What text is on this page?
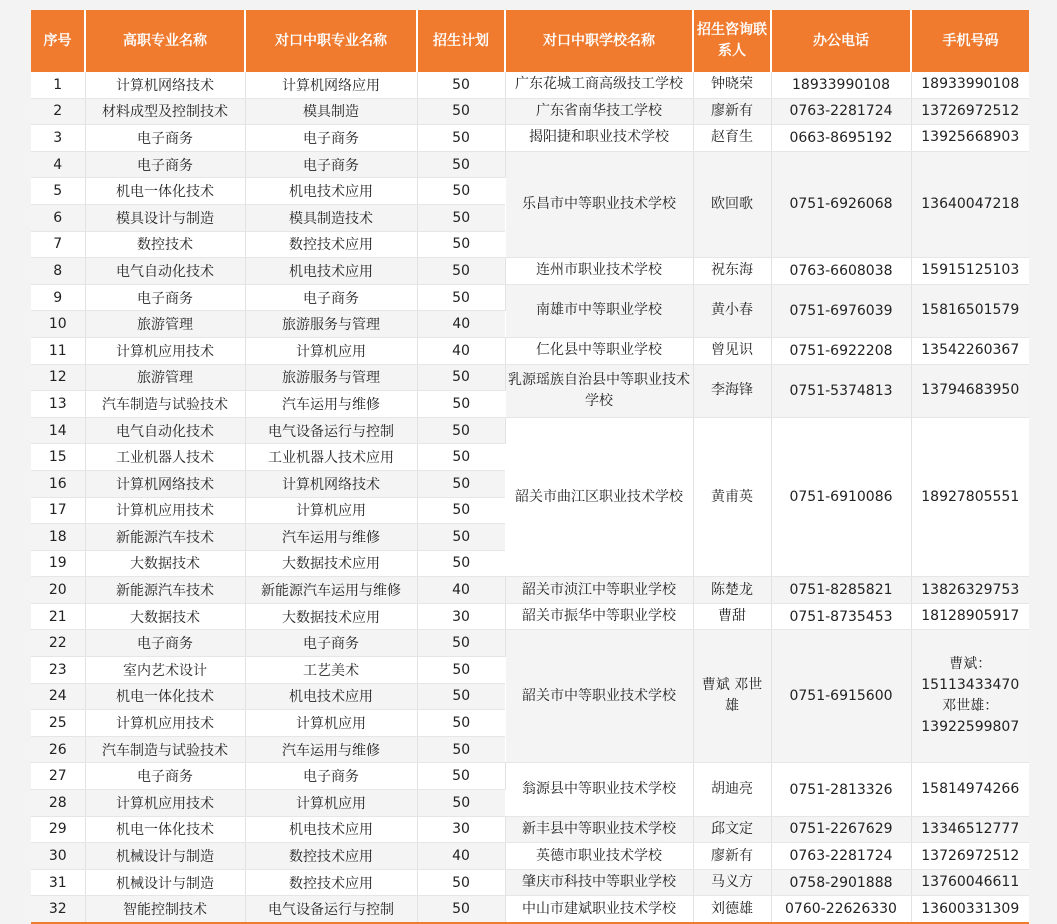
序号	高职专业名称	对口中职专业名称	招生计划	对口中职学校名称	招生咨询联系人	办公电话	手机号码
1	计算机网络技术	计算机网络应用	50	广东花城工商高级技工学校	钟晓荣	18933990108	18933990108
2	材料成型及控制技术	模具制造	50	广东省南华技工学校	廖新有	0763-2281724	13726972512
3	电子商务	电子商务	50	揭阳捷和职业技术学校	赵育生	0663-8695192	13925668903
4	电子商务	电子商务	50	乐昌市中等职业技术学校	欧回歌	0751-6926068	13640047218
5	机电一体化技术	机电技术应用	50				
6	模具设计与制造	模具制造技术	50				
7	数控技术	数控技术应用	50				
8	电气自动化技术	机电技术应用	50	连州市职业技术学校	祝东海	0763-6608038	15915125103
9	电子商务	电子商务	50	南雄市中等职业学校	黄小春	0751-6976039	15816501579
10	旅游管理	旅游服务与管理	40				
11	计算机应用技术	计算机应用	40	仁化县中等职业学校	曾见识	0751-6922208	13542260367
12	旅游管理	旅游服务与管理	50	乳源瑶族自治县中等职业技术学校	李海锋	0751-5374813	13794683950
13	汽车制造与试验技术	汽车运用与维修	50				
14	电气自动化技术	电气设备运行与控制	50	韶关市曲江区职业技术学校	黄甫英	0751-6910086	18927805551
15	工业机器人技术	工业机器人技术应用	50				
16	计算机网络技术	计算机网络技术	50				
17	计算机应用技术	计算机应用	50				
18	新能源汽车技术	汽车运用与维修	50				
19	大数据技术	大数据技术应用	50				
20	新能源汽车技术	新能源汽车运用与维修	40	韶关市浈江中等职业学校	陈楚龙	0751-8285821	13826329753
21	大数据技术	大数据技术应用	30	韶关市振华中等职业学校	曹甜	0751-8735453	18128905917
22	电子商务	电子商务	50	韶关市中等职业技术学校	曹斌 邓世雄	0751-6915600	曹斌：15113433470 邓世雄：13922599807
23	室内艺术设计	工艺美术	50				
24	机电一体化技术	机电技术应用	50				
25	计算机应用技术	计算机应用	50				
26	汽车制造与试验技术	汽车运用与维修	50				
27	电子商务	电子商务	50	翁源县中等职业技术学校	胡迪亮	0751-2813326	15814974266
28	计算机应用技术	计算机应用	50				
29	机电一体化技术	机电技术应用	30	新丰县中等职业技术学校	邱文定	0751-2267629	13346512777
30	机械设计与制造	数控技术应用	40	英德市职业技术学校	廖新有	0763-2281724	13726972512
31	机械设计与制造	数控技术应用	50	肇庆市科技中等职业学校	马义方	0758-2901888	13760046611
32	智能控制技术	电气设备运行与控制	50	中山市建斌职业技术学校	刘德雄	0760-22626330	13600331309
